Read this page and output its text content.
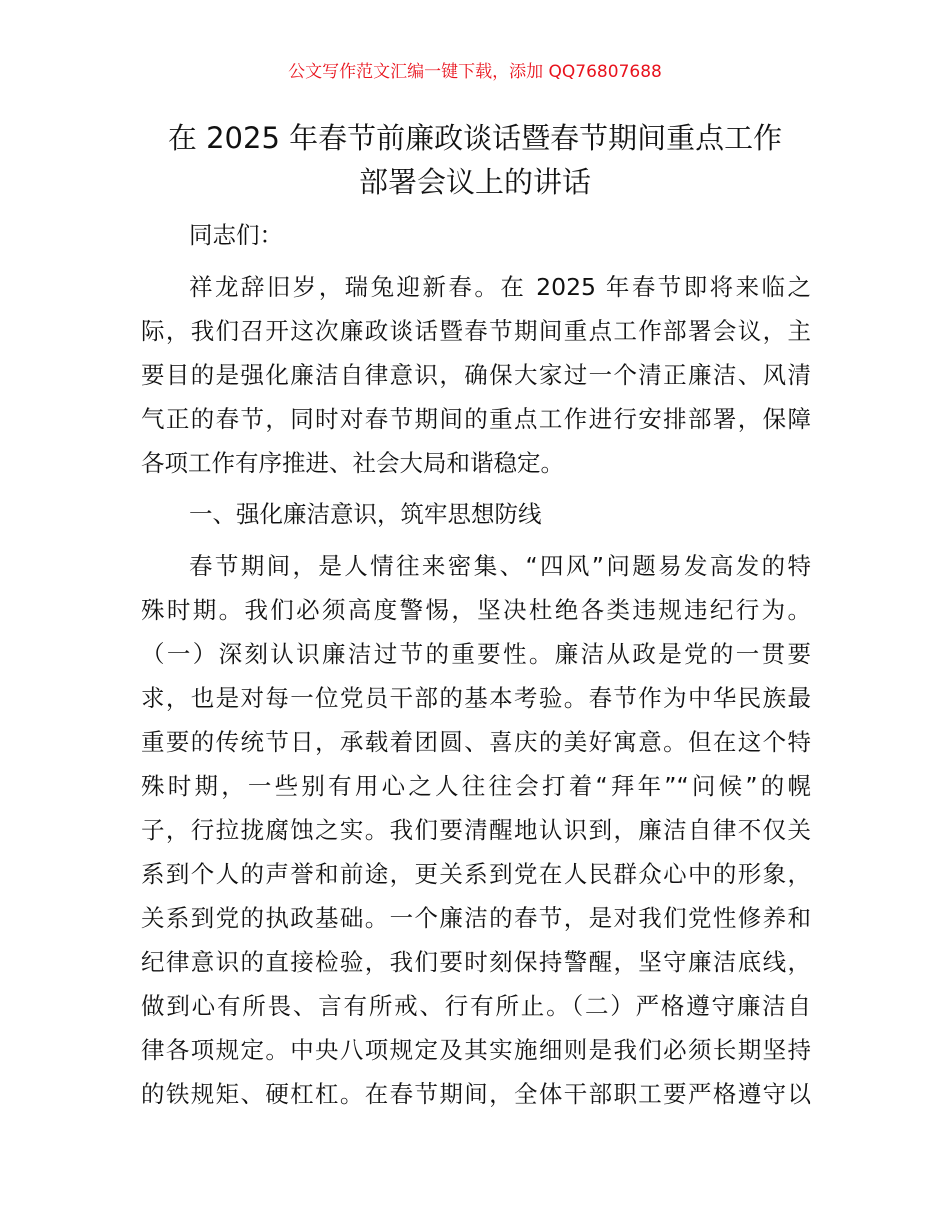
公文写作范文汇编一键下载，添加 QQ76807688
在 2025 年春节前廉政谈话暨春节期间重点工作
部署会议上的讲话
同志们：
祥龙辞旧岁，瑞兔迎新春。在 2025 年春节即将来临之
际，我们召开这次廉政谈话暨春节期间重点工作部署会议，主
要目的是强化廉洁自律意识，确保大家过一个清正廉洁、风清
气正的春节，同时对春节期间的重点工作进行安排部署，保障
各项工作有序推进、社会大局和谐稳定。
一、强化廉洁意识，筑牢思想防线
春节期间，是人情往来密集、“四风”问题易发高发的特
殊时期。我们必须高度警惕，坚决杜绝各类违规违纪行为。
（一）深刻认识廉洁过节的重要性。廉洁从政是党的一贯要
求，也是对每一位党员干部的基本考验。春节作为中华民族最
重要的传统节日，承载着团圆、喜庆的美好寓意。但在这个特
殊时期，一些别有用心之人往往会打着“拜年”“问候”的幌
子，行拉拢腐蚀之实。我们要清醒地认识到，廉洁自律不仅关
系到个人的声誉和前途，更关系到党在人民群众心中的形象，
关系到党的执政基础。一个廉洁的春节，是对我们党性修养和
纪律意识的直接检验，我们要时刻保持警醒，坚守廉洁底线，
做到心有所畏、言有所戒、行有所止。（二）严格遵守廉洁自
律各项规定。中央八项规定及其实施细则是我们必须长期坚持
的铁规矩、硬杠杠。在春节期间，全体干部职工要严格遵守以
